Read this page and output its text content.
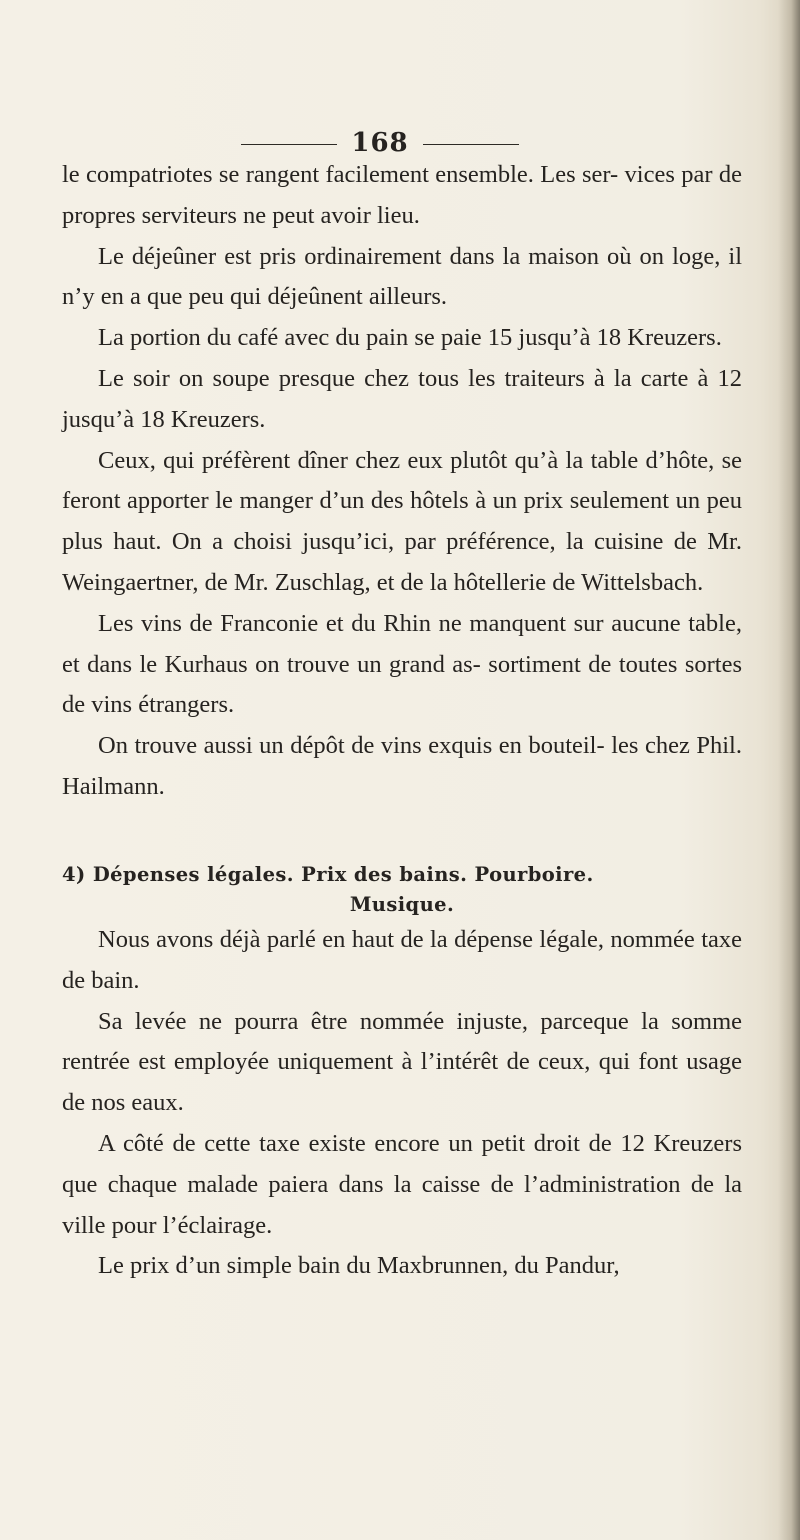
168

le compatriotes se rangent facilement ensemble. Les ser- vices par de propres serviteurs ne peut avoir lieu.

Le déjeûner est pris ordinairement dans la maison où on loge, il n’y en a que peu qui déjeûnent ailleurs.

La portion du café avec du pain se paie 15 jusqu’à 18 Kreuzers.

Le soir on soupe presque chez tous les traiteurs à la carte à 12 jusqu’à 18 Kreuzers.

Ceux, qui préfèrent dîner chez eux plutôt qu’à la table d’hôte, se feront apporter le manger d’un des hôtels à un prix seulement un peu plus haut. On a choisi jusqu’ici, par préférence, la cuisine de Mr. Weingaertner, de Mr. Zuschlag, et de la hôtellerie de Wittelsbach.

Les vins de Franconie et du Rhin ne manquent sur aucune table, et dans le Kurhaus on trouve un grand as- sortiment de toutes sortes de vins étrangers.

On trouve aussi un dépôt de vins exquis en bouteil- les chez Phil. Hailmann.

4) Dépenses légales. Prix des bains. Pourboire.
Musique.

Nous avons déjà parlé en haut de la dépense légale, nommée taxe de bain.

Sa levée ne pourra être nommée injuste, parceque la somme rentrée est employée uniquement à l’intérêt de ceux, qui font usage de nos eaux.

A côté de cette taxe existe encore un petit droit de 12 Kreuzers que chaque malade paiera dans la caisse de l’administration de la ville pour l’éclairage.

Le prix d’un simple bain du Maxbrunnen, du Pandur,
